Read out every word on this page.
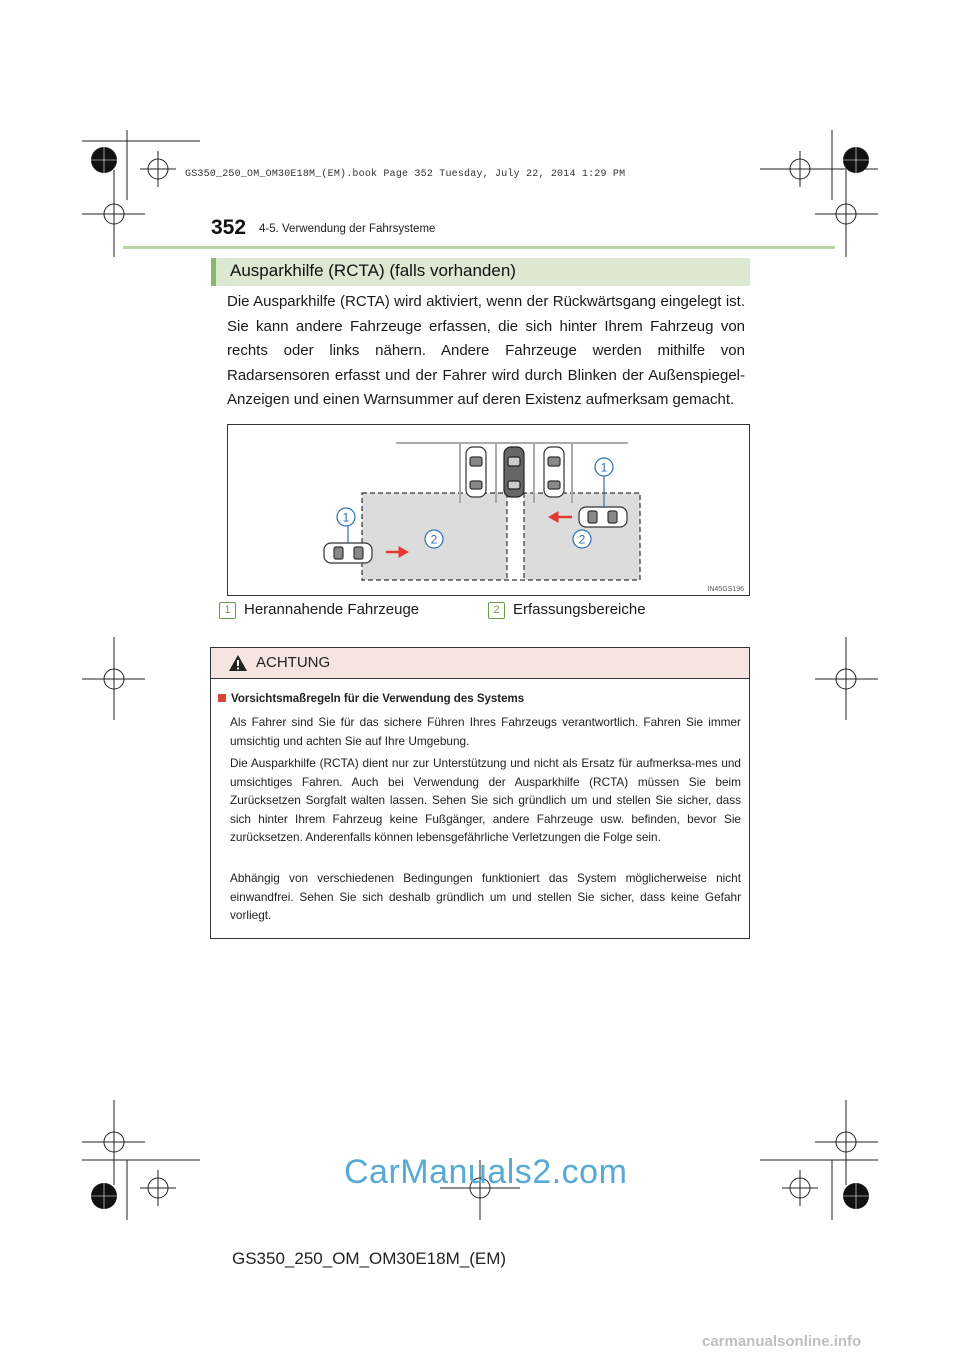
GS350_250_OM_OM30E18M_(EM).book Page 352 Tuesday, July 22, 2014 1:29 PM
352 4-5. Verwendung der Fahrsysteme
Ausparkhilfe (RCTA) (falls vorhanden)
Die Ausparkhilfe (RCTA) wird aktiviert, wenn der Rückwärtsgang eingelegt ist. Sie kann andere Fahrzeuge erfassen, die sich hinter Ihrem Fahrzeug von rechts oder links nähern. Andere Fahrzeuge werden mithilfe von Radarsensoren erfasst und der Fahrer wird durch Blinken der Außenspiegel-Anzeigen und einen Warnsummer auf deren Existenz aufmerksam gemacht.
1
1
2	2
IN45GS196
1 Herannahende Fahrzeuge	2 Erfassungsbereiche
ACHTUNG
Vorsichtsmaßregeln für die Verwendung des Systems
Als Fahrer sind Sie für das sichere Führen Ihres Fahrzeugs verantwortlich. Fahren Sie immer umsichtig und achten Sie auf Ihre Umgebung.
Die Ausparkhilfe (RCTA) dient nur zur Unterstützung und nicht als Ersatz für aufmerksa-mes und umsichtiges Fahren. Auch bei Verwendung der Ausparkhilfe (RCTA) müssen Sie beim Zurücksetzen Sorgfalt walten lassen. Sehen Sie sich gründlich um und stellen Sie sicher, dass sich hinter Ihrem Fahrzeug keine Fußgänger, andere Fahrzeuge usw. befinden, bevor Sie zurücksetzen. Anderenfalls können lebensgefährliche Verletzungen die Folge sein.
Abhängig von verschiedenen Bedingungen funktioniert das System möglicherweise nicht einwandfrei. Sehen Sie sich deshalb gründlich um und stellen Sie sicher, dass keine Gefahr vorliegt.
CarManuals2.com
GS350_250_OM_OM30E18M_(EM)
carmanualsonline.info
